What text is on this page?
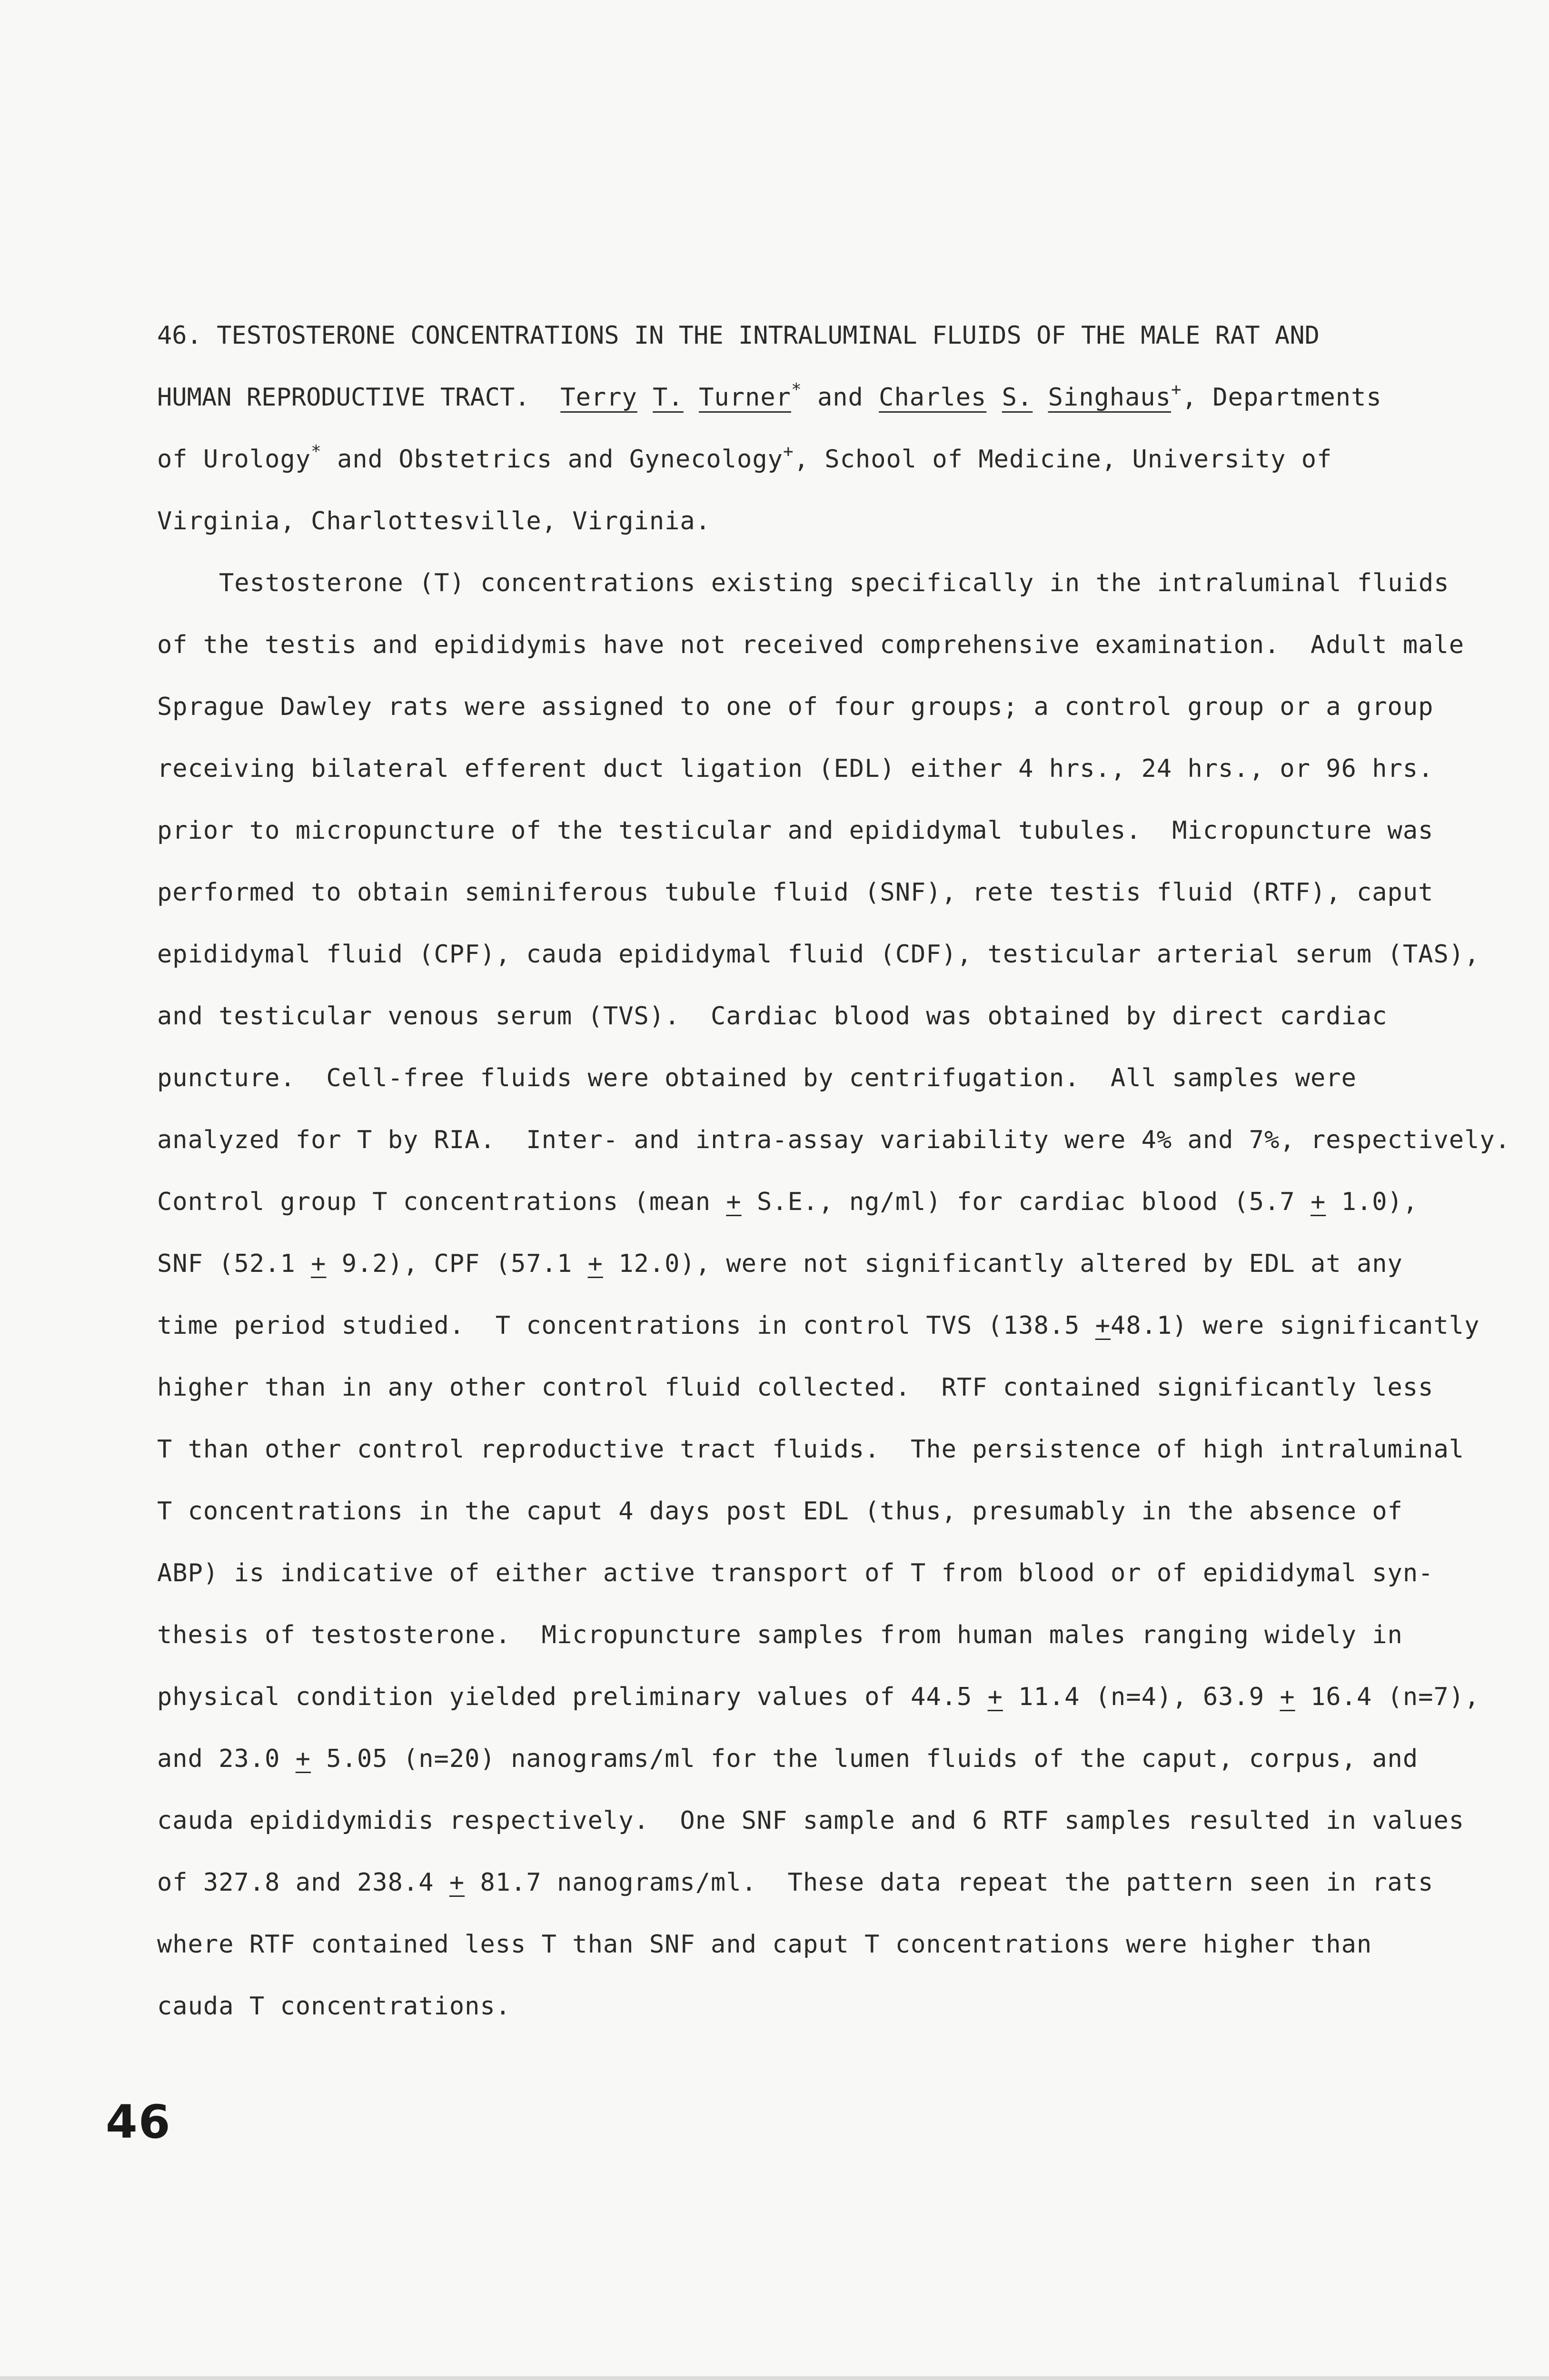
46. TESTOSTERONE CONCENTRATIONS IN THE INTRALUMINAL FLUIDS OF THE MALE RAT AND
HUMAN REPRODUCTIVE TRACT. Terry T. Turner* and Charles S. Singhaus+, Departments
of Urology* and Obstetrics and Gynecology+, School of Medicine, University of
Virginia, Charlottesville, Virginia.
Testosterone (T) concentrations existing specifically in the intraluminal fluids
of the testis and epididymis have not received comprehensive examination.  Adult male
Sprague Dawley rats were assigned to one of four groups; a control group or a group
receiving bilateral efferent duct ligation (EDL) either 4 hrs., 24 hrs., or 96 hrs.
prior to micropuncture of the testicular and epididymal tubules.  Micropuncture was
performed to obtain seminiferous tubule fluid (SNF), rete testis fluid (RTF), caput
epididymal fluid (CPF), cauda epididymal fluid (CDF), testicular arterial serum (TAS),
and testicular venous serum (TVS).  Cardiac blood was obtained by direct cardiac
puncture.  Cell-free fluids were obtained by centrifugation.  All samples were
analyzed for T by RIA.  Inter- and intra-assay variability were 4% and 7%, respectively.
Control group T concentrations (mean + S.E., ng/ml) for cardiac blood (5.7 + 1.0),
SNF (52.1 + 9.2), CPF (57.1 + 12.0), were not significantly altered by EDL at any
time period studied.  T concentrations in control TVS (138.5 +48.1) were significantly
higher than in any other control fluid collected.  RTF contained significantly less
T than other control reproductive tract fluids.  The persistence of high intraluminal
T concentrations in the caput 4 days post EDL (thus, presumably in the absence of
ABP) is indicative of either active transport of T from blood or of epididymal syn-
thesis of testosterone.  Micropuncture samples from human males ranging widely in
physical condition yielded preliminary values of 44.5 + 11.4 (n=4), 63.9 + 16.4 (n=7),
and 23.0 + 5.05 (n=20) nanograms/ml for the lumen fluids of the caput, corpus, and
cauda epididymidis respectively.  One SNF sample and 6 RTF samples resulted in values
of 327.8 and 238.4 + 81.7 nanograms/ml.  These data repeat the pattern seen in rats
where RTF contained less T than SNF and caput T concentrations were higher than
cauda T concentrations.
46
